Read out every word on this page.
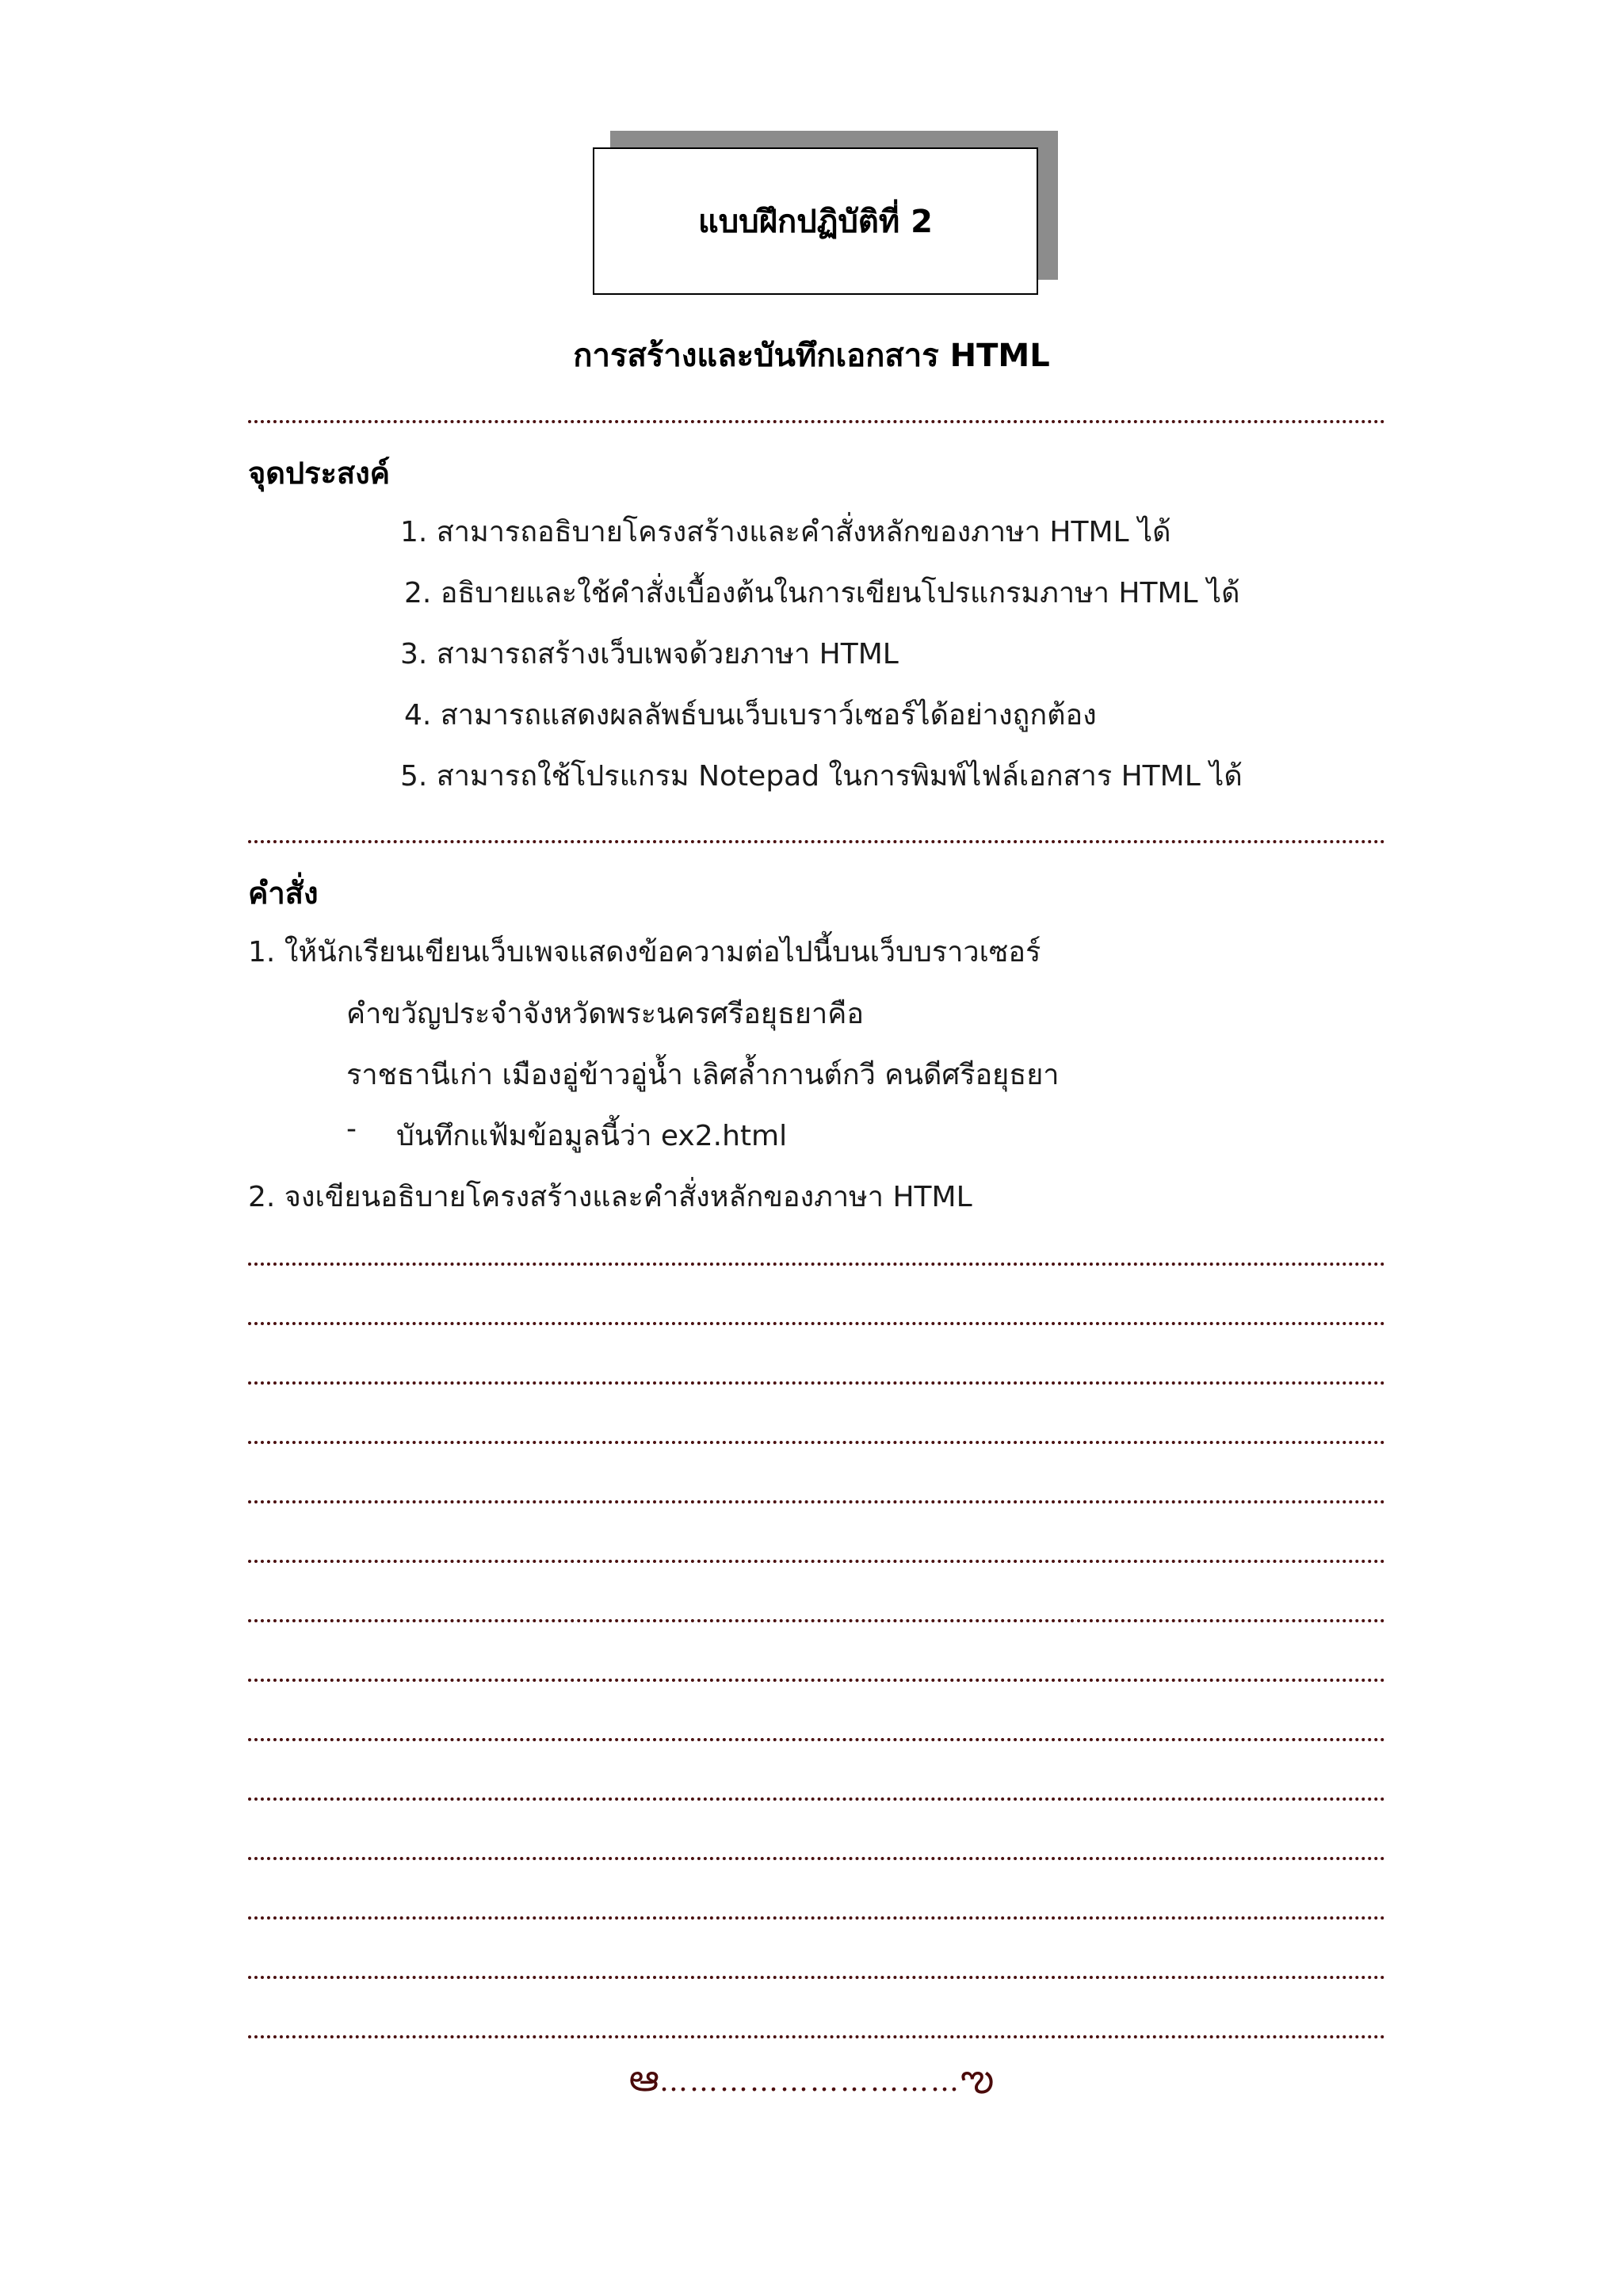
แบบฝึกปฏิบัติที่ 2
การสร้างและบันทึกเอกสาร HTML
จุดประสงค์
1. สามารถอธิบายโครงสร้างและคำสั่งหลักของภาษา HTML ได้
2. อธิบายและใช้คำสั่งเบื้องต้นในการเขียนโปรแกรมภาษา HTML ได้
3. สามารถสร้างเว็บเพจด้วยภาษา HTML
4. สามารถแสดงผลลัพธ์บนเว็บเบราว์เซอร์ได้อย่างถูกต้อง
5. สามารถใช้โปรแกรม Notepad ในการพิมพ์ไฟล์เอกสาร HTML ได้
คำสั่ง
1. ให้นักเรียนเขียนเว็บเพจแสดงข้อความต่อไปนี้บนเว็บบราวเซอร์
คำขวัญประจำจังหวัดพระนครศรีอยุธยาคือ
ราชธานีเก่า เมืองอู่ข้าวอู่น้ำ เลิศล้ำกานต์กวี คนดีศรีอยุธยา
- บันทึกแฟ้มข้อมูลนี้ว่า ex2.html
2. จงเขียนอธิบายโครงสร้างและคำสั่งหลักของภาษา HTML
ఆ…………………………ఌ
